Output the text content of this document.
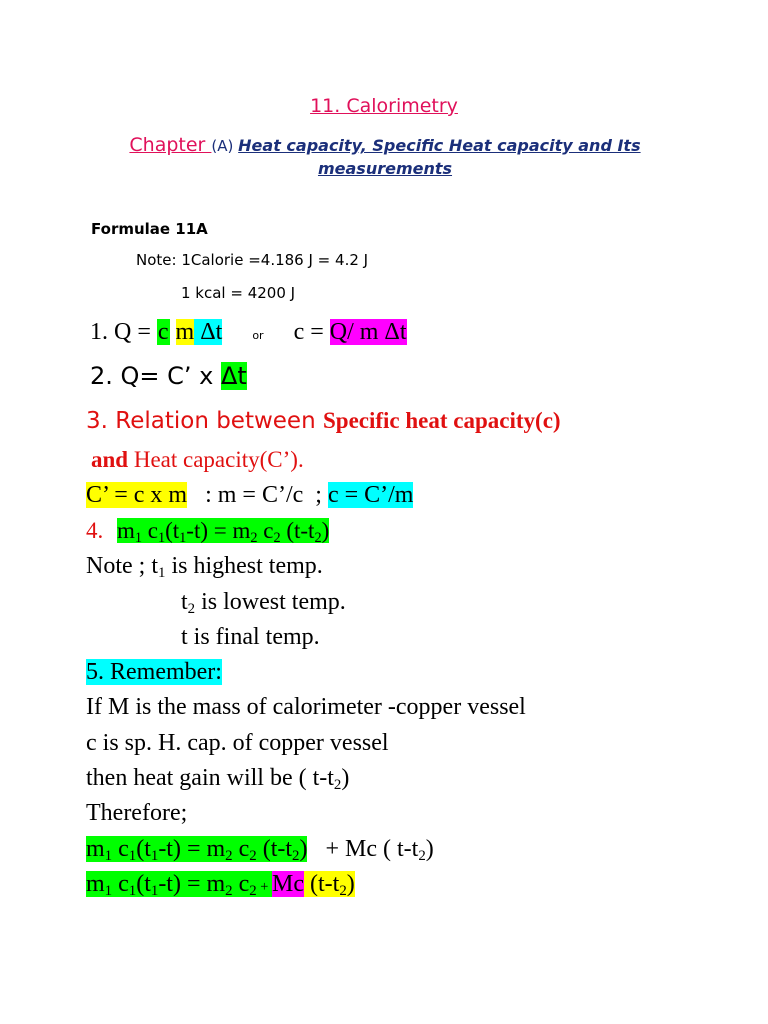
11. Calorimetry
Chapter (A) Heat capacity, Specific Heat capacity and Its measurements
Formulae 11A
Note: 1Calorie =4.186 J = 4.2 J
1 kcal = 4200 J
1. Q = c m Δt	or c = Q/ m Δt
2. Q= C’ x Δt
3. Relation between Specific heat capacity(c)
and Heat capacity(C’).
C’ = c x m   : m = C’/c  ; c = C’/m
4. $m_1$ $c_1(t_1-t) = m_2$ $c_2$ $(t-t_2)$
Note ; $t_1$ is highest temp.
$t_2$ is lowest temp.
t is final temp.
5. Remember:
If M is the mass of calorimeter -copper vessel
c is sp. H. cap. of copper vessel
then heat gain will be ( $t-t_2$)
Therefore;
$m_1$ $c_1(t_1-t) = m_2$ $c_2$ $(t-t_2) + Mc$ ( $t-t_2$)
$m_1$ $c_1(t_1-t) = m_2$ $c_2 + Mc$ $(t-t_2)$
